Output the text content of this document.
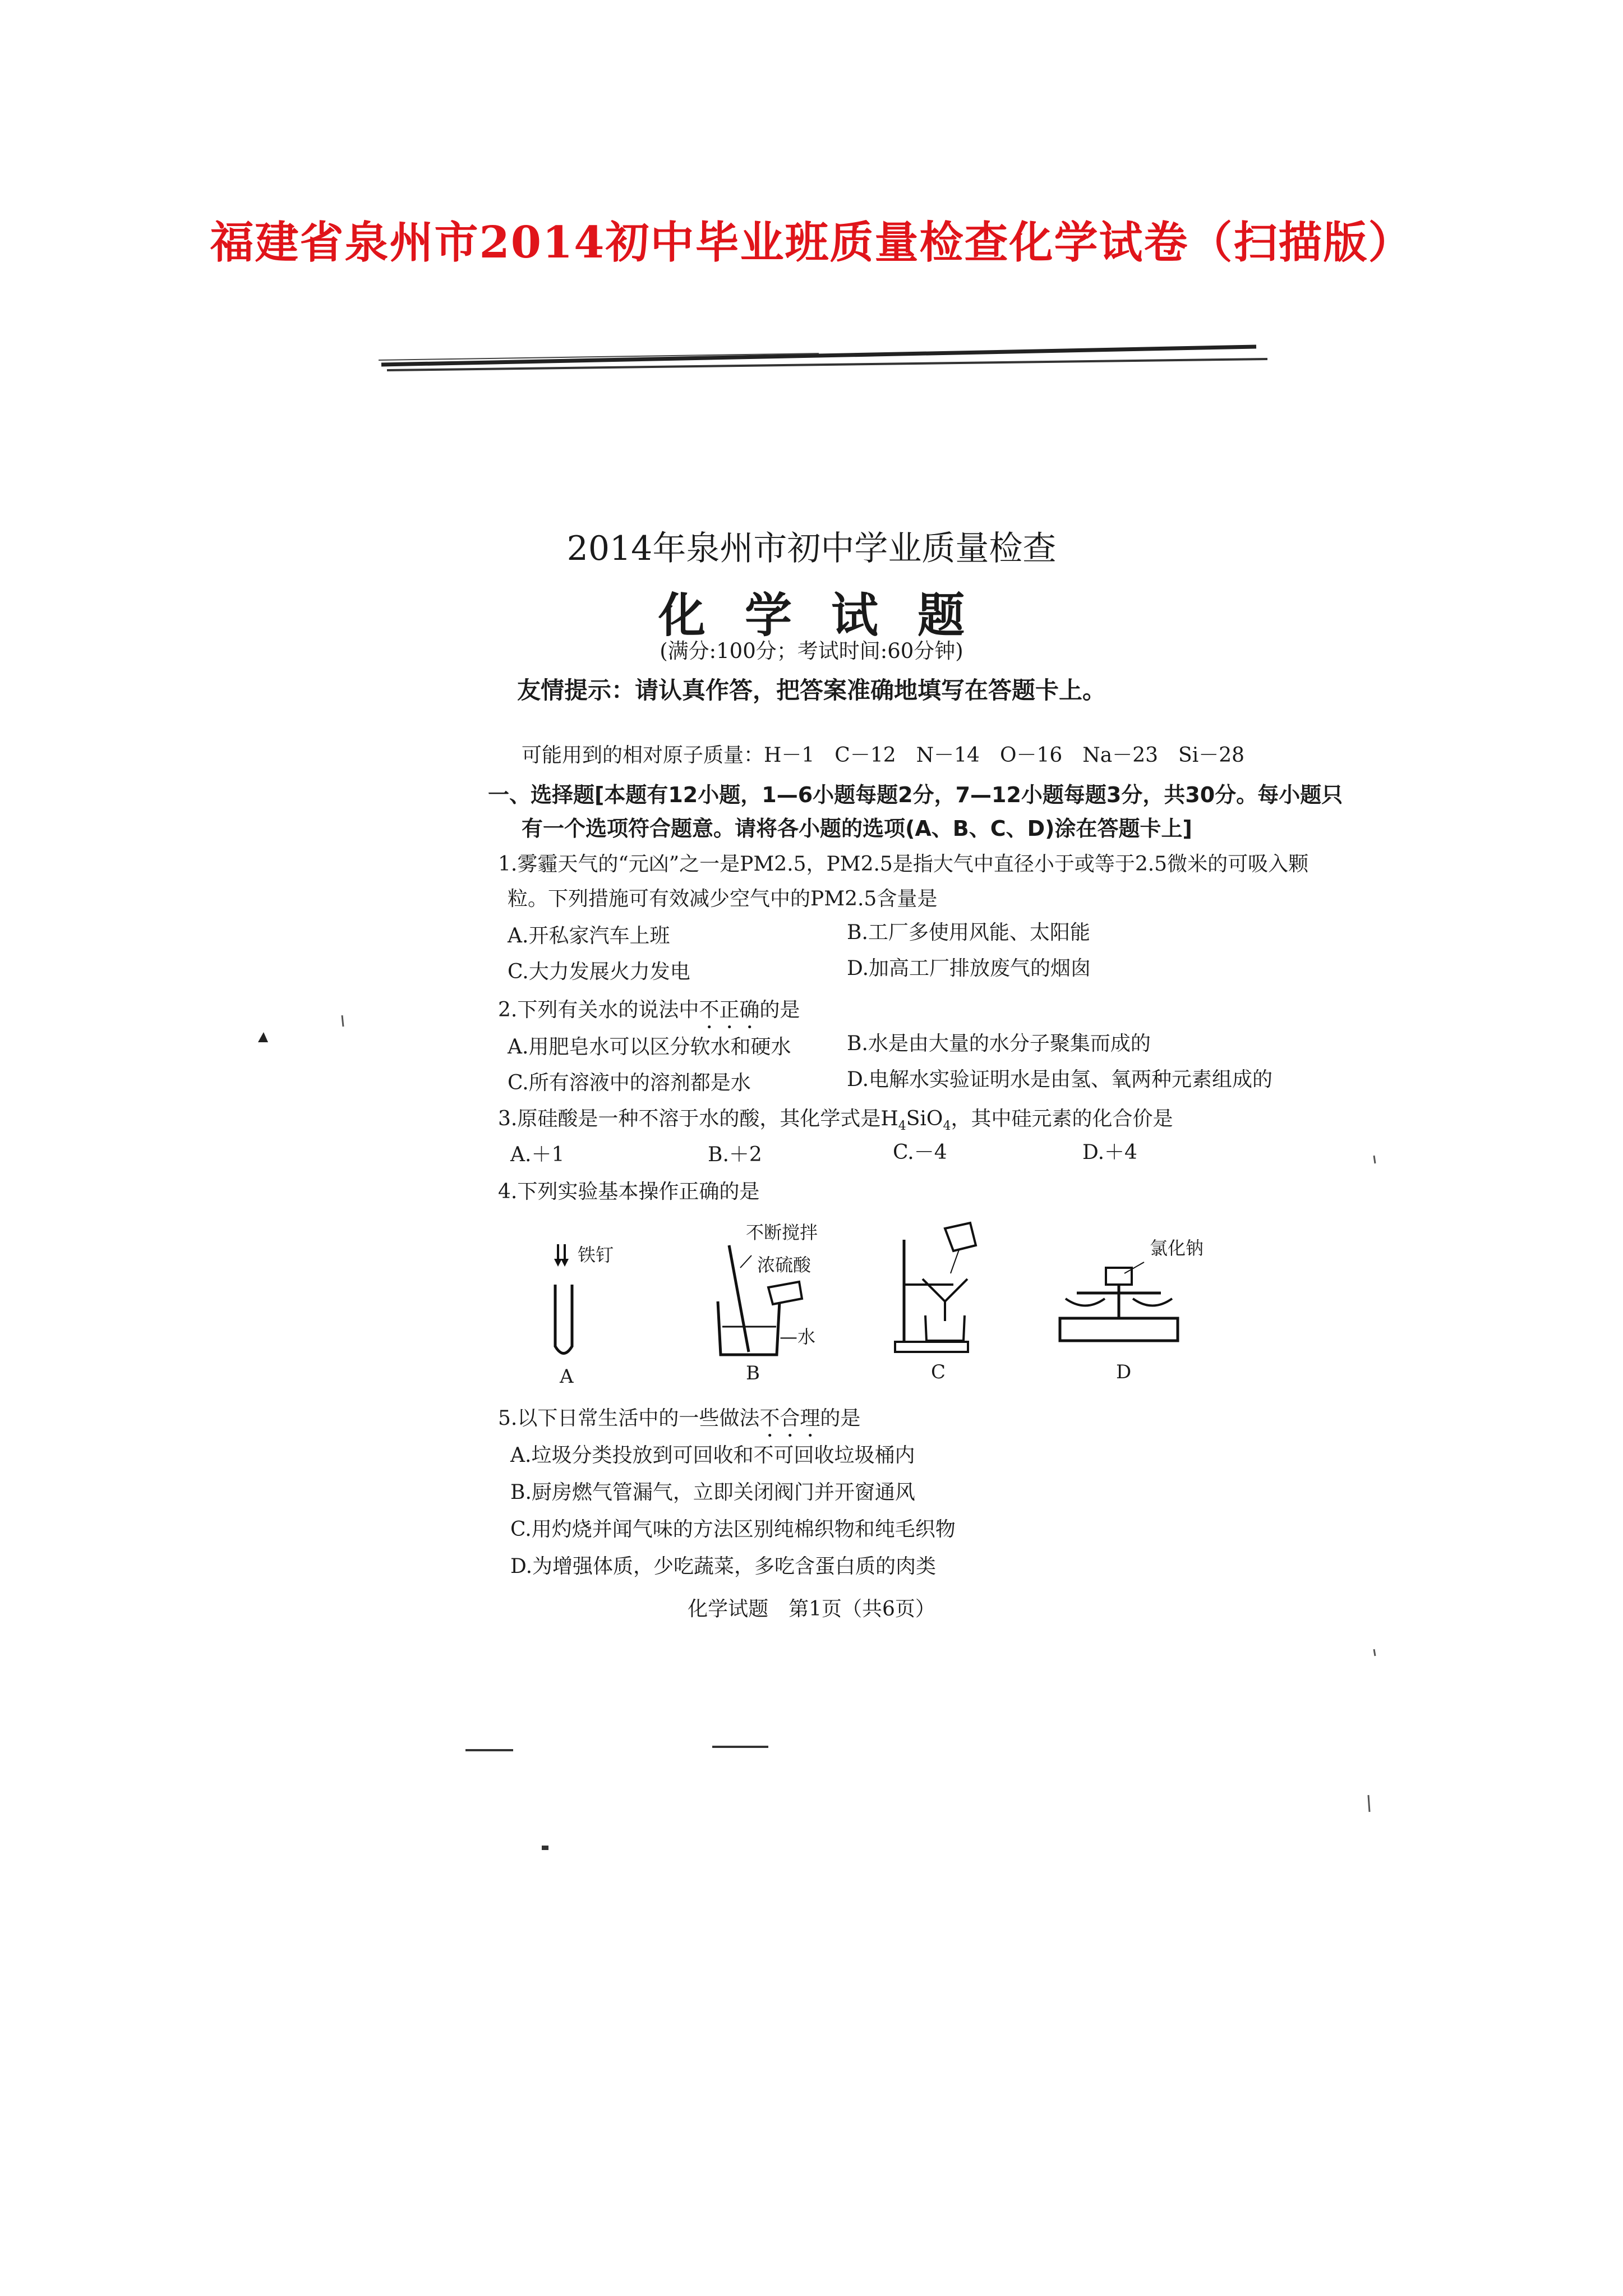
福建省泉州市2014初中毕业班质量检查化学试卷（扫描版）
2014年泉州市初中学业质量检查
化学试题
(满分:100分；考试时间:60分钟)
友情提示：请认真作答，把答案准确地填写在答题卡上。
可能用到的相对原子质量：H－1　C－12　N－14　O－16　Na－23　Si－28
一、选择题[本题有12小题，1—6小题每题2分，7—12小题每题3分，共30分。每小题只
有一个选项符合题意。请将各小题的选项(A、B、C、D)涂在答题卡上]
1.雾霾天气的“元凶”之一是PM2.5，PM2.5是指大气中直径小于或等于2.5微米的可吸入颗
粒。下列措施可有效减少空气中的PM2.5含量是
A.开私家汽车上班	B.工厂多使用风能、太阳能
C.大力发展火力发电	D.加高工厂排放废气的烟囱
2.下列有关水的说法中不正确的是
A.用肥皂水可以区分软水和硬水	B.水是由大量的水分子聚集而成的
C.所有溶液中的溶剂都是水	D.电解水实验证明水是由氢、氧两种元素组成的
3.原硅酸是一种不溶于水的酸，其化学式是$H_4SiO_4$，其中硅元素的化合价是
A.＋1	B.＋2	C.－4	D.＋4
4.下列实验基本操作正确的是
铁钉
不断搅拌
浓硫酸
—水
氯化钠
A	B	C	D
5.以下日常生活中的一些做法不合理的是
A.垃圾分类投放到可回收和不可回收垃圾桶内
B.厨房燃气管漏气，立即关闭阀门并开窗通风
C.用灼烧并闻气味的方法区别纯棉织物和纯毛织物
D.为增强体质，少吃蔬菜，多吃含蛋白质的肉类
化学试题　第1页（共6页）
